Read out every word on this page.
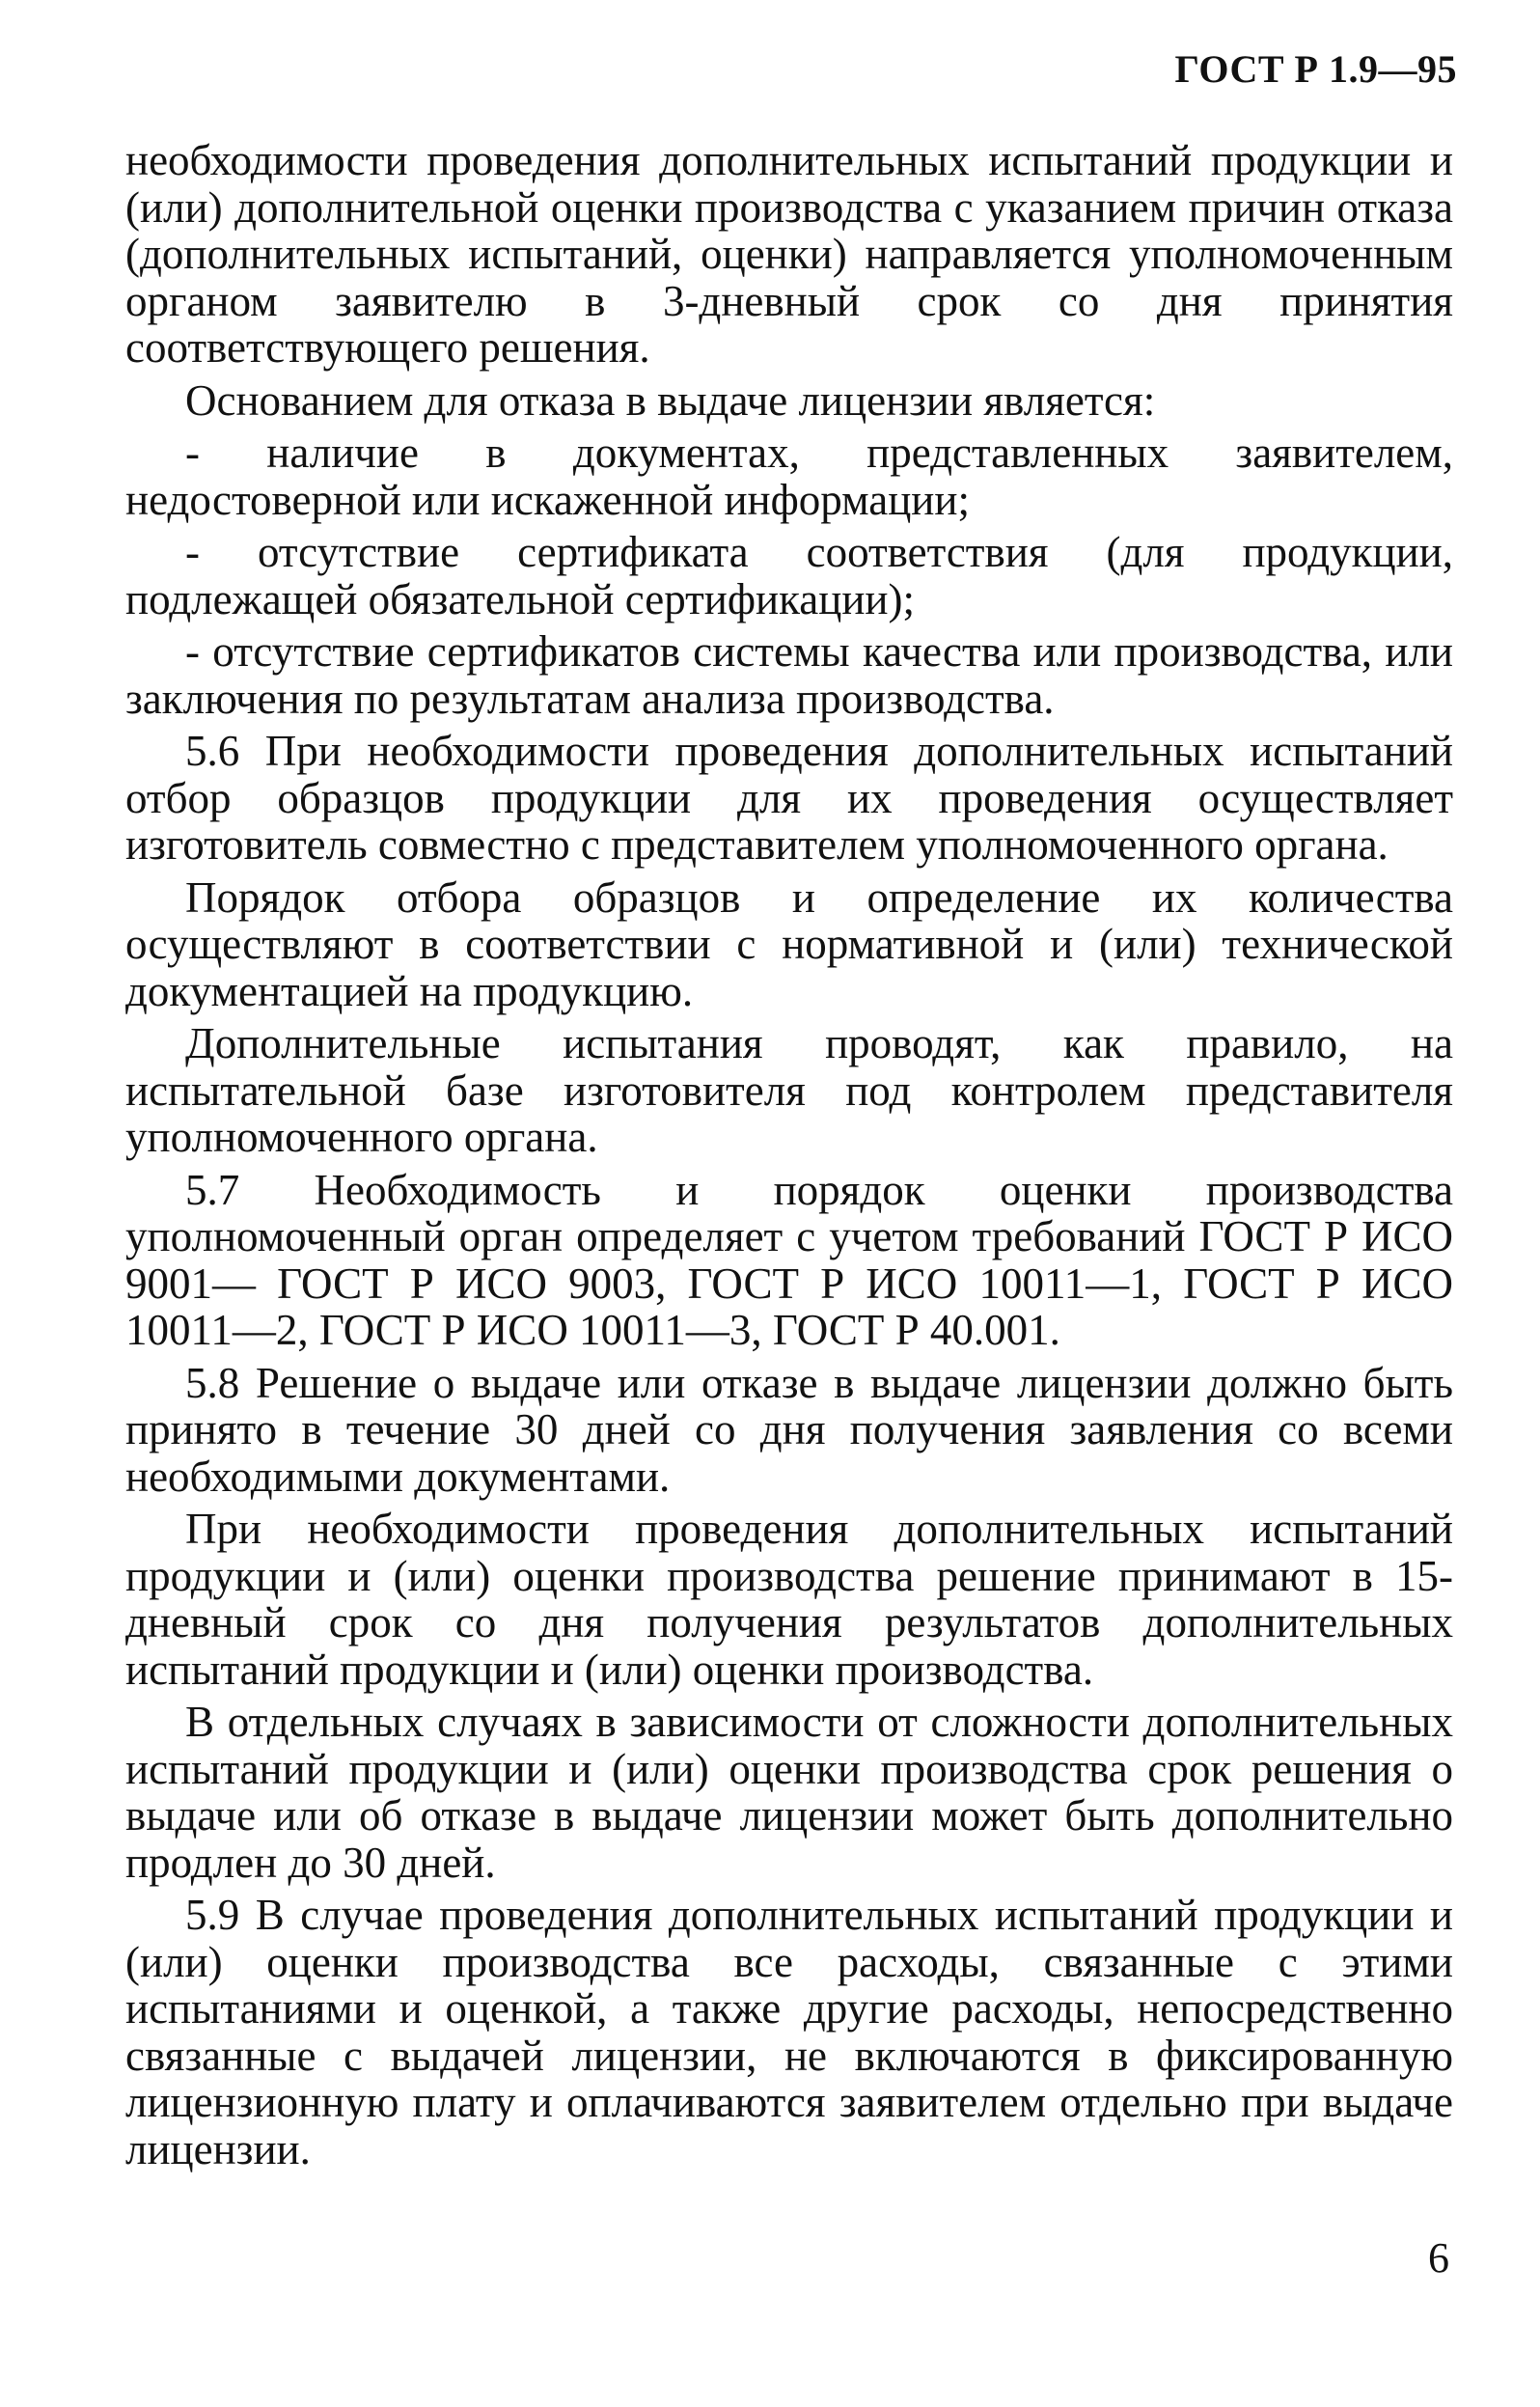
ГОСТ Р 1.9—95

необходимости проведения дополнительных испытаний продукции и (или) дополнительной оценки производства с указанием причин отказа (дополнительных испытаний, оценки) направляется уполномоченным органом заявителю в 3-дневный срок со дня принятия соответствующего решения.

Основанием для отказа в выдаче лицензии является:

- наличие в документах, представленных заявителем, недостоверной или искаженной информации;

- отсутствие сертификата соответствия (для продукции, подлежащей обязательной сертификации);

- отсутствие сертификатов системы качества или производства, или заключения по результатам анализа производства.

5.6 При необходимости проведения дополнительных испытаний отбор образцов продукции для их проведения осуществляет изготовитель совместно с представителем уполномоченного органа.

Порядок отбора образцов и определение их количества осуществляют в соответствии с нормативной и (или) технической документацией на продукцию.

Дополнительные испытания проводят, как правило, на испытательной базе изготовителя под контролем представителя уполномоченного органа.

5.7 Необходимость и порядок оценки производства уполномоченный орган определяет с учетом требований ГОСТ Р ИСО 9001— ГОСТ Р ИСО 9003, ГОСТ Р ИСО 10011—1, ГОСТ Р ИСО 10011—2, ГОСТ Р ИСО 10011—3, ГОСТ Р 40.001.

5.8 Решение о выдаче или отказе в выдаче лицензии должно быть принято в течение 30 дней со дня получения заявления со всеми необходимыми документами.

При необходимости проведения дополнительных испытаний продукции и (или) оценки производства решение принимают в 15-дневный срок со дня получения результатов дополнительных испытаний продукции и (или) оценки производства.

В отдельных случаях в зависимости от сложности дополнительных испытаний продукции и (или) оценки производства срок решения о выдаче или об отказе в выдаче лицензии может быть дополнительно продлен до 30 дней.

5.9 В случае проведения дополнительных испытаний продукции и (или) оценки производства все расходы, связанные с этими испытаниями и оценкой, а также другие расходы, непосредственно связанные с выдачей лицензии, не включаются в фиксированную лицензионную плату и оплачиваются заявителем отдельно при выдаче лицензии.

6
